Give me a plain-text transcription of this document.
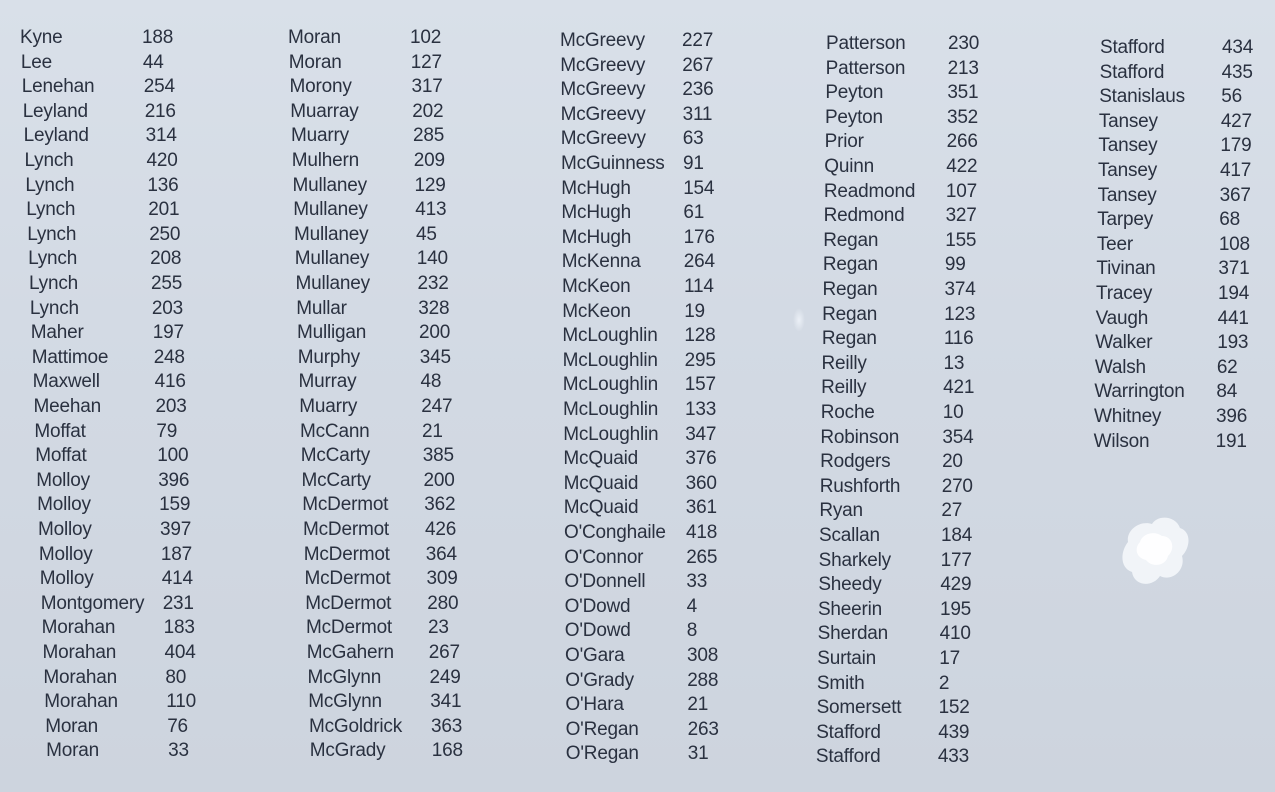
Kyne	188
Lee	44
Lenehan	254
Leyland	216
Leyland	314
Lynch	420
Lynch	136
Lynch	201
Lynch	250
Lynch	208
Lynch	255
Lynch	203
Maher	197
Mattimoe 248
Maxwell	416
Meehan	203
Moffat	79
Moffat	100
Molloy	396
Molloy	159
Molloy	397
Molloy	187
Molloy	414
Montgomery 231
Morahan	183
Morahan	404
Morahan	80
Morahan	110
Moran	76
Moran	33
Moran	102
Moran	127
Morony	317
Muarray	202
Muarry	285
Mulhern	209
Mullaney	129
Mullaney	413
Mullaney	45
Mullaney	140
Mullaney	232
Mullar	328
Mulligan	200
Murphy	345
Murray	48
Muarry	247
McCann	21
McCarty	385
McCarty	200
McDermot 362
McDermot 426
McDermot 364
McDermot 309
McDermot 280
McDermot 23
McGahern 267
McGlynn	249
McGlynn	341
McGoldrick 363
McGrady 168
McGreevy 227
McGreevy 267
McGreevy 236
McGreevy 311
McGreevy 63
McGuinness 91
McHugh	154
McHugh	61
McHugh	176
McKenna 264
McKeon	114
McKeon	19
McLoughlin 128
McLoughlin 295
McLoughlin 157
McLoughlin 133
McLoughlin 347
McQuaid 376
McQuaid 360
McQuaid 361
O'Conghaile 418
O'Connor 265
O'Donnell 33
O'Dowd	4
O'Dowd	8
O'Gara	308
O'Grady	288
O'Hara	21
O'Regan	263
O'Regan	31
Patterson 230
Patterson 213
Peyton	351
Peyton	352
Prior	266
Quinn	422
Readmond 107
Redmond 327
Regan	155
Regan	99
Regan	374
Regan	123
Regan	116
Reilly	13
Reilly	421
Roche	10
Robinson 354
Rodgers	20
Rushforth 270
Ryan	27
Scallan	184
Sharkely	177
Sheedy	429
Sheerin	195
Sherdan	410
Surtain	17
Smith	2
Somersett 152
Stafford	439
Stafford	433
Stafford	434
Stafford	435
Stanislaus 56
Tansey	427
Tansey	179
Tansey	417
Tansey	367
Tarpey	68
Teer	108
Tivinan	371
Tracey	194
Vaugh	441
Walker	193
Walsh	62
Warrington 84
Whitney	396
Wilson	191
